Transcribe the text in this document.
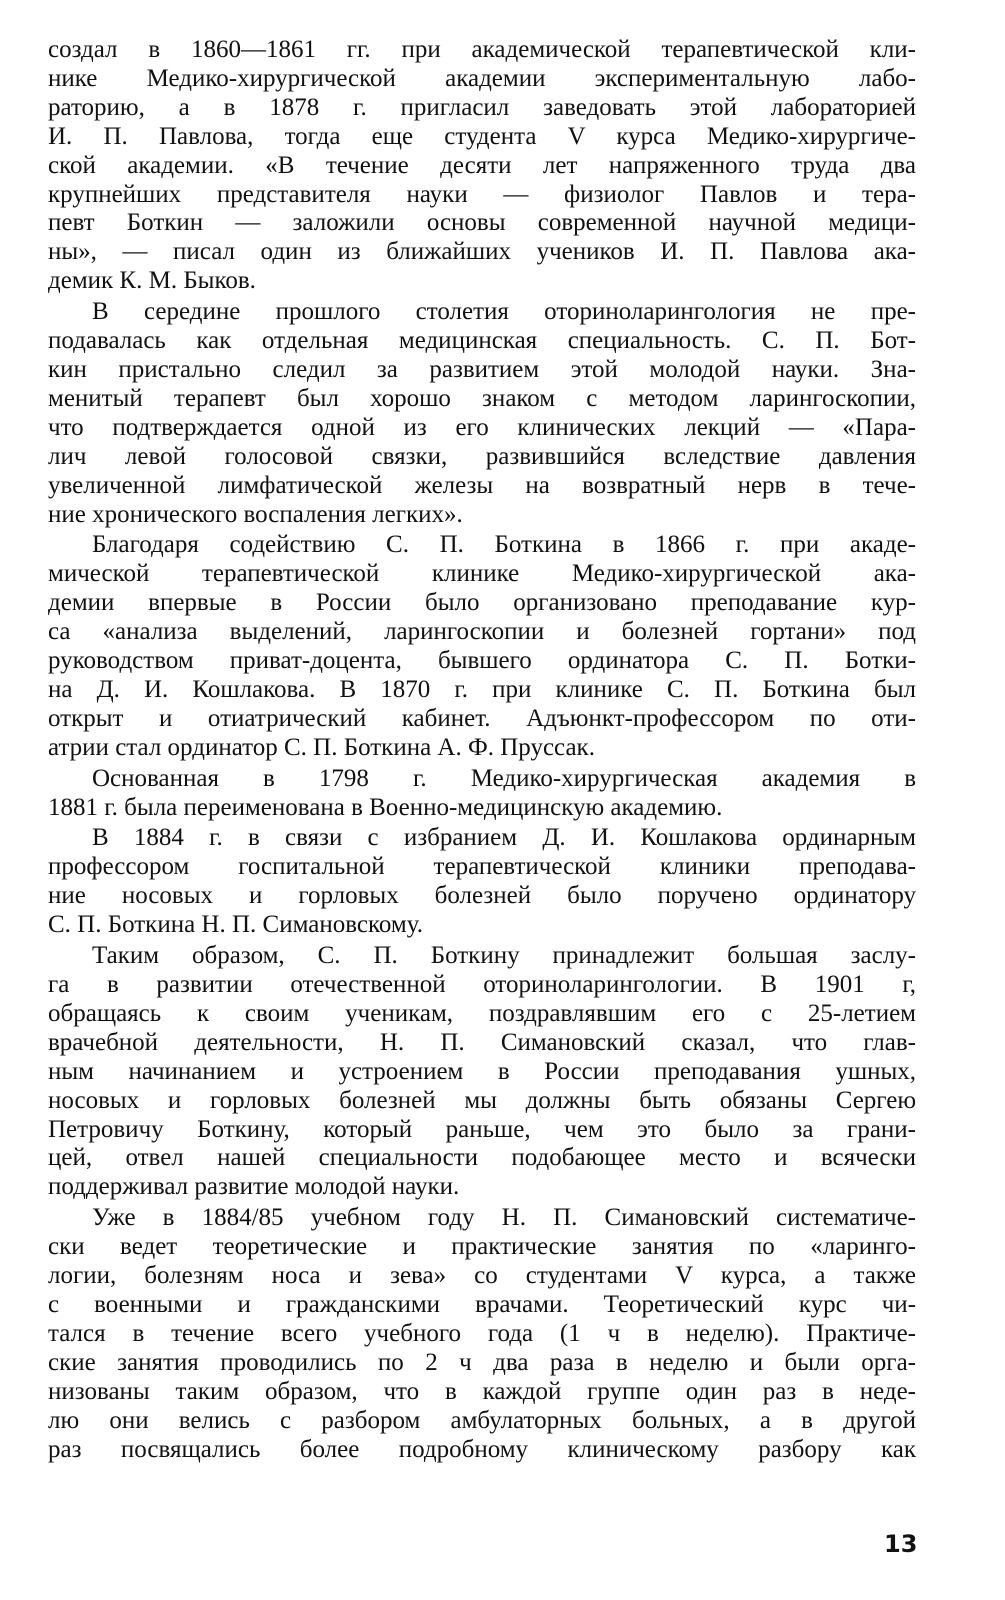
создал в 1860—1861 гг. при академической терапевтической кли-
нике Медико-хирургической академии экспериментальную лабо-
раторию, а в 1878 г. пригласил заведовать этой лабораторией
И. П. Павлова, тогда еще студента V курса Медико-хирургиче-
ской академии. «В течение десяти лет напряженного труда два
крупнейших представителя науки — физиолог Павлов и тера-
певт Боткин — заложили основы современной научной медици-
ны», — писал один из ближайших учеников И. П. Павлова ака-
демик К. М. Быков.

В середине прошлого столетия оториноларингология не пре-
подавалась как отдельная медицинская специальность. С. П. Бот-
кин пристально следил за развитием этой молодой науки. Зна-
менитый терапевт был хорошо знаком с методом ларингоскопии,
что подтверждается одной из его клинических лекций — «Пара-
лич левой голосовой связки, развившийся вследствие давления
увеличенной лимфатической железы на возвратный нерв в тече-
ние хронического воспаления легких».

Благодаря содействию С. П. Боткина в 1866 г. при акаде-
мической терапевтической клинике Медико-хирургической ака-
демии впервые в России было организовано преподавание кур-
са «анализа выделений, ларингоскопии и болезней гортани» под
руководством приват-доцента, бывшего ординатора С. П. Ботки-
на Д. И. Кошлакова. В 1870 г. при клинике С. П. Боткина был
открыт и отиатрический кабинет. Адъюнкт-профессором по оти-
атрии стал ординатор С. П. Боткина А. Ф. Пруссак.

Основанная в 1798 г. Медико-хирургическая академия в
1881 г. была переименована в Военно-медицинскую академию.

В 1884 г. в связи с избранием Д. И. Кошлакова ординарным
профессором госпитальной терапевтической клиники преподава-
ние носовых и горловых болезней было поручено ординатору
С. П. Боткина Н. П. Симановскому.

Таким образом, С. П. Боткину принадлежит большая заслу-
га в развитии отечественной оториноларингологии. В 1901 г,
обращаясь к своим ученикам, поздравлявшим его с 25-летием
врачебной деятельности, Н. П. Симановский сказал, что глав-
ным начинанием и устроением в России преподавания ушных,
носовых и горловых болезней мы должны быть обязаны Сергею
Петровичу Боткину, который раньше, чем это было за грани-
цей, отвел нашей специальности подобающее место и всячески
поддерживал развитие молодой науки.

Уже в 1884/85 учебном году Н. П. Симановский систематиче-
ски ведет теоретические и практические занятия по «ларинго-
логии, болезням носа и зева» со студентами V курса, а также
с военными и гражданскими врачами. Теоретический курс чи-
тался в течение всего учебного года (1 ч в неделю). Практиче-
ские занятия проводились по 2 ч два раза в неделю и были орга-
низованы таким образом, что в каждой группе один раз в неде-
лю они велись с разбором амбулаторных больных, а в другой
раз посвящались более подробному клиническому разбору как

13
